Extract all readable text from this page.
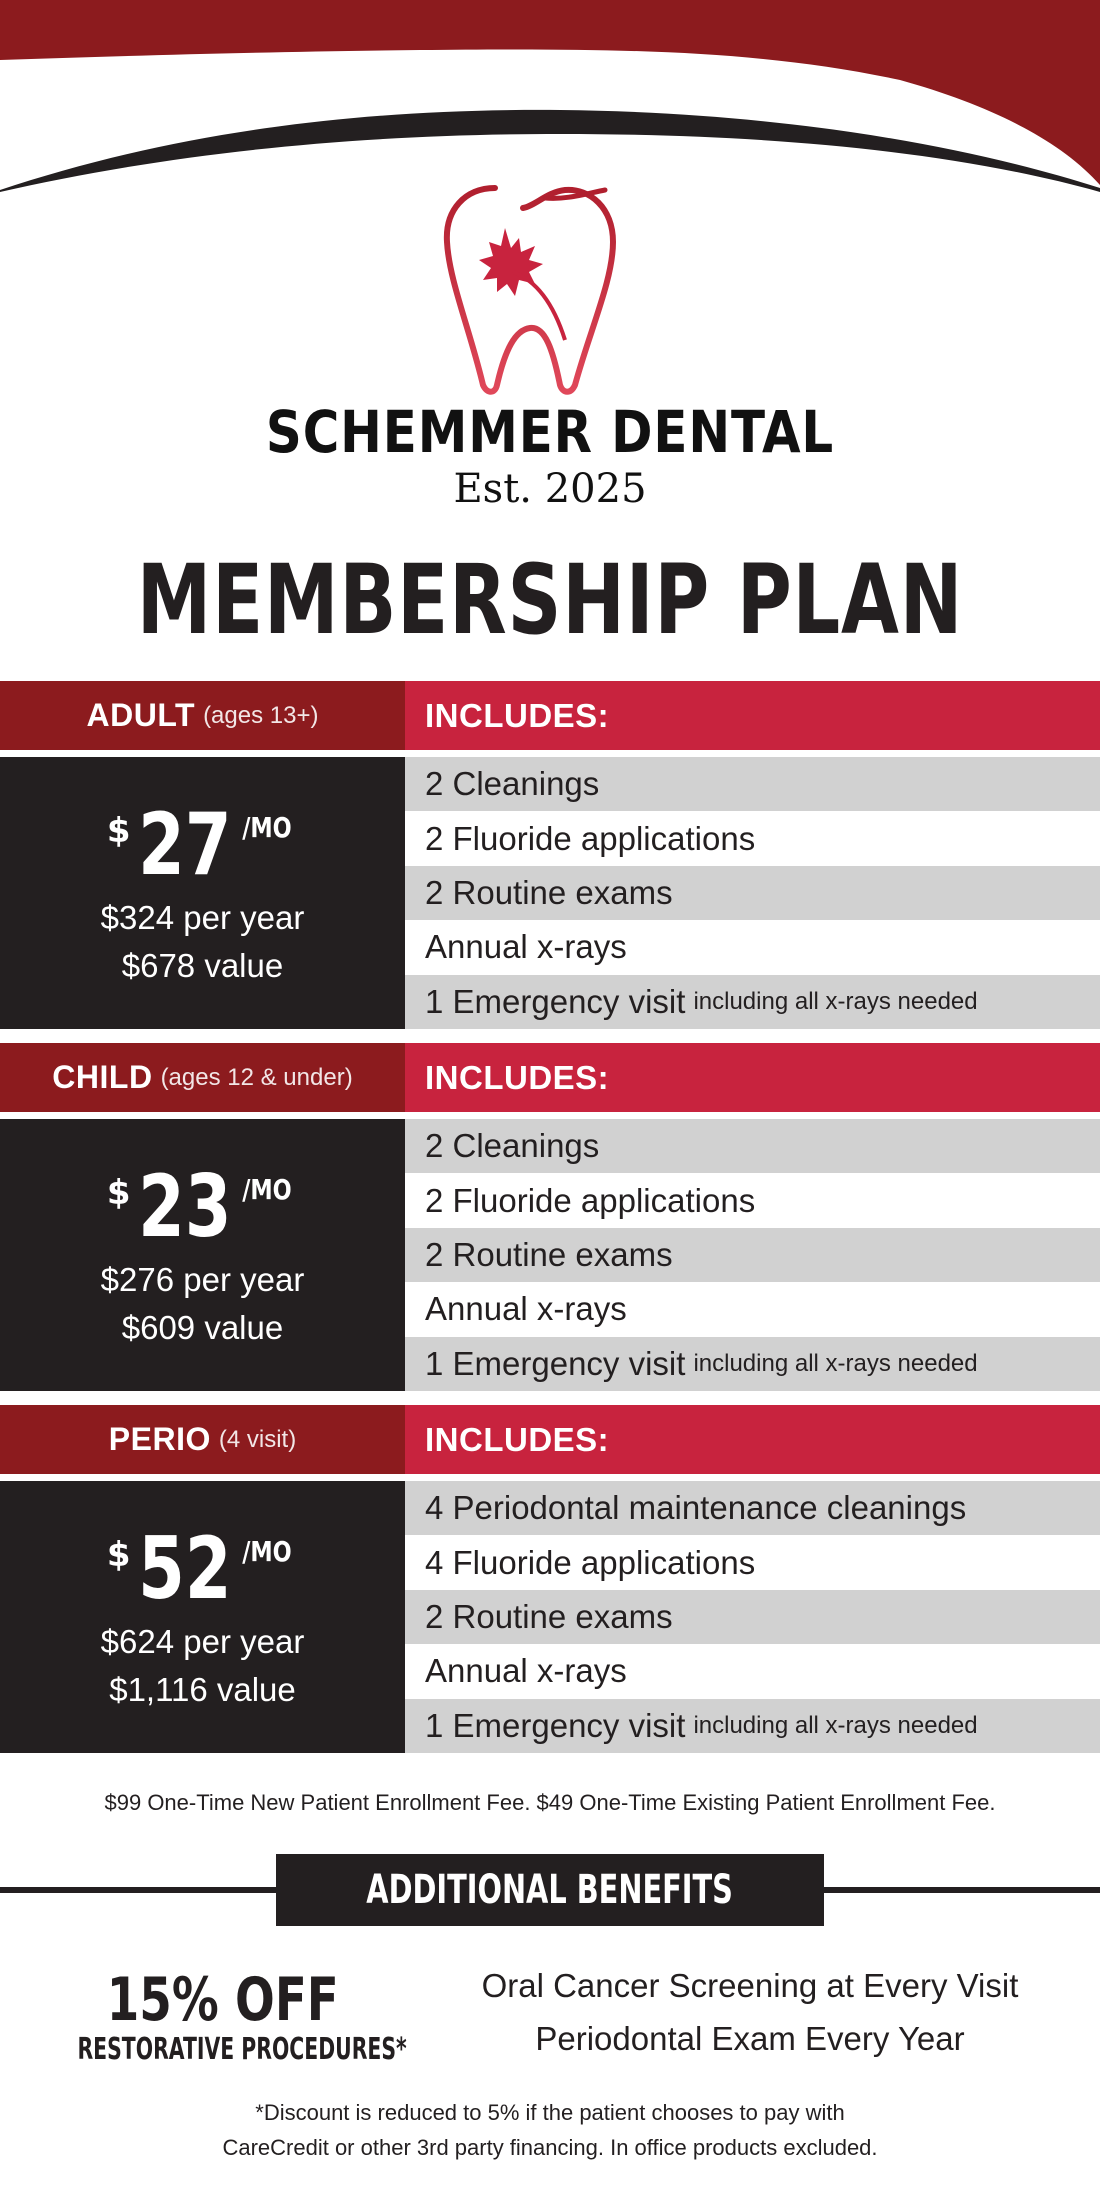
SCHEMMER DENTAL
Est. 2025
MEMBERSHIP PLAN
ADULT (ages 13+)	INCLUDES:
$ 27 /MO
$324 per year
$678 value
2 Cleanings
2 Fluoride applications
2 Routine exams
Annual x-rays
1 Emergency visit including all x-rays needed
CHILD (ages 12 & under)	INCLUDES:
$ 23 /MO
$276 per year
$609 value
2 Cleanings
2 Fluoride applications
2 Routine exams
Annual x-rays
1 Emergency visit including all x-rays needed
PERIO (4 visit)	INCLUDES:
$ 52 /MO
$624 per year
$1,116 value
4 Periodontal maintenance cleanings
4 Fluoride applications
2 Routine exams
Annual x-rays
1 Emergency visit including all x-rays needed
$99 One-Time New Patient Enrollment Fee. $49 One-Time Existing Patient Enrollment Fee.
ADDITIONAL BENEFITS
15% OFF
RESTORATIVE PROCEDURES*
Oral Cancer Screening at Every Visit
Periodontal Exam Every Year
*Discount is reduced to 5% if the patient chooses to pay with
CareCredit or other 3rd party financing. In office products excluded.
